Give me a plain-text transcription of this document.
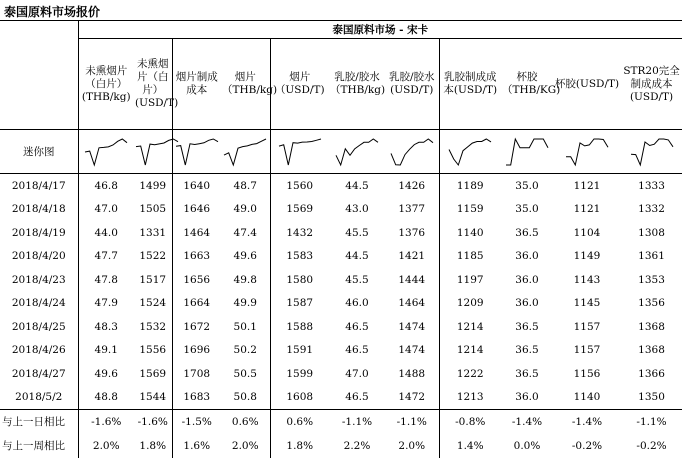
泰国原料市场报价
	泰国原料市场 - 宋卡										
	未熏烟片（白片）(THB/kg)	未熏烟片（白片）(USD/T)	烟片制成成本	烟片（THB/kg)	烟片（USD/T)	乳胶/胶水（THB/kg)	乳胶/胶水(USD/T)	乳胶制成成本(USD/T)	杯胶（THB/KG)	杯胶(USD/T)	STR20完全制成成本(USD/T)
迷你图	

2018/4/17	46.8	1499	1640	48.7	1560	44.5	1426	1189	35.0	1121	1333
2018/4/18	47.0	1505	1646	49.0	1569	43.0	1377	1159	35.0	1121	1332
2018/4/19	44.0	1331	1464	47.4	1432	45.5	1376	1140	36.5	1104	1308
2018/4/20	47.7	1522	1663	49.6	1583	44.5	1421	1185	36.0	1149	1361
2018/4/23	47.8	1517	1656	49.8	1580	45.5	1444	1197	36.0	1143	1353
2018/4/24	47.9	1524	1664	49.9	1587	46.0	1464	1209	36.0	1145	1356
2018/4/25	48.3	1532	1672	50.1	1588	46.5	1474	1214	36.5	1157	1368
2018/4/26	49.1	1556	1696	50.2	1591	46.5	1474	1214	36.5	1157	1368
2018/4/27	49.6	1569	1708	50.5	1599	47.0	1488	1222	36.5	1156	1366
2018/5/2	48.8	1544	1683	50.8	1608	46.5	1472	1213	36.0	1140	1350
与上一日相比	-1.6%	-1.6%	-1.5%	0.6%	0.6%	-1.1%	-1.1%	-0.8%	-1.4%	-1.4%	-1.1%
与上一周相比	2.0%	1.8%	1.6%	2.0%	1.8%	2.2%	2.0%	1.4%	0.0%	-0.2%	-0.2%
